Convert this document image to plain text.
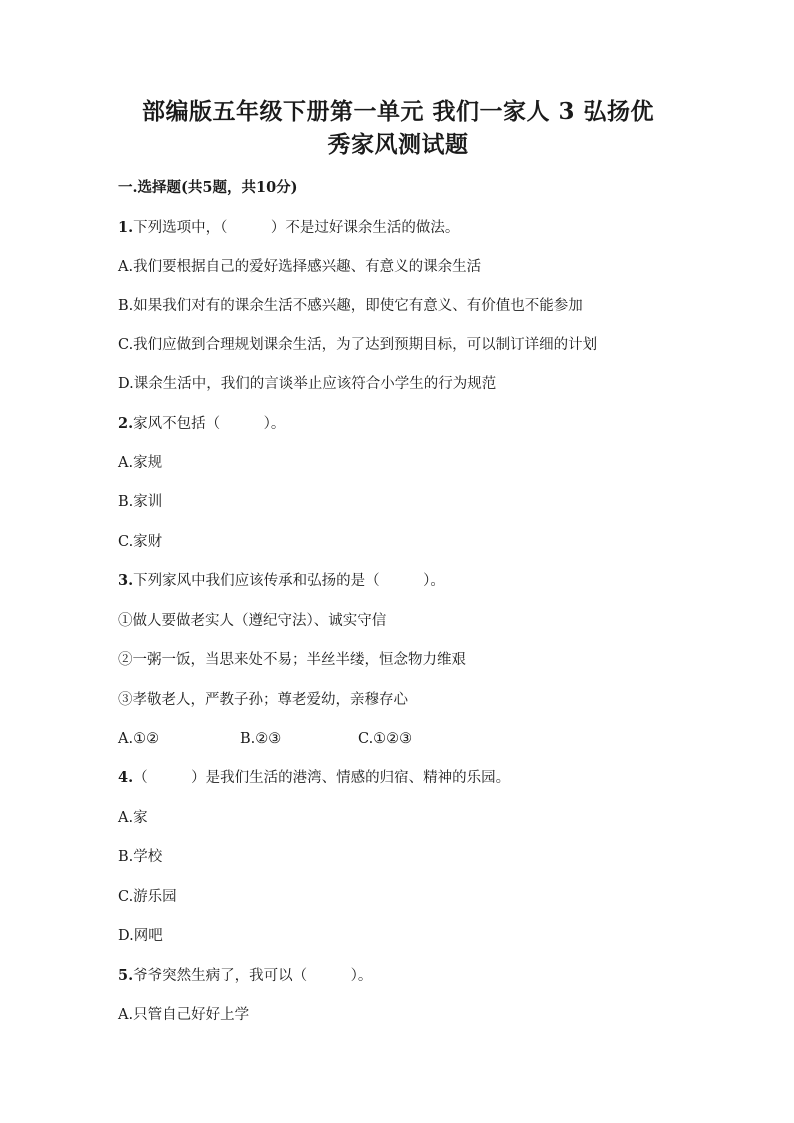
部编版五年级下册第一单元 我们一家人 3 弘扬优
秀家风测试题

一.选择题(共5题，共10分)

1.下列选项中，（　　　）不是过好课余生活的做法。

A.我们要根据自己的爱好选择感兴趣、有意义的课余生活

B.如果我们对有的课余生活不感兴趣，即使它有意义、有价值也不能参加

C.我们应做到合理规划课余生活，为了达到预期目标，可以制订详细的计划

D.课余生活中，我们的言谈举止应该符合小学生的行为规范

2.家风不包括（　　　）。

A.家规

B.家训

C.家财

3.下列家风中我们应该传承和弘扬的是（　　　）。

①做人要做老实人（遵纪守法）、诚实守信

②一粥一饭，当思来处不易；半丝半缕，恒念物力维艰

③孝敬老人，严教子孙；尊老爱幼，亲穆存心

A.①②	B.②③	C.①②③

4.（　　　）是我们生活的港湾、情感的归宿、精神的乐园。

A.家

B.学校

C.游乐园

D.网吧

5.爷爷突然生病了，我可以（　　　）。

A.只管自己好好上学
